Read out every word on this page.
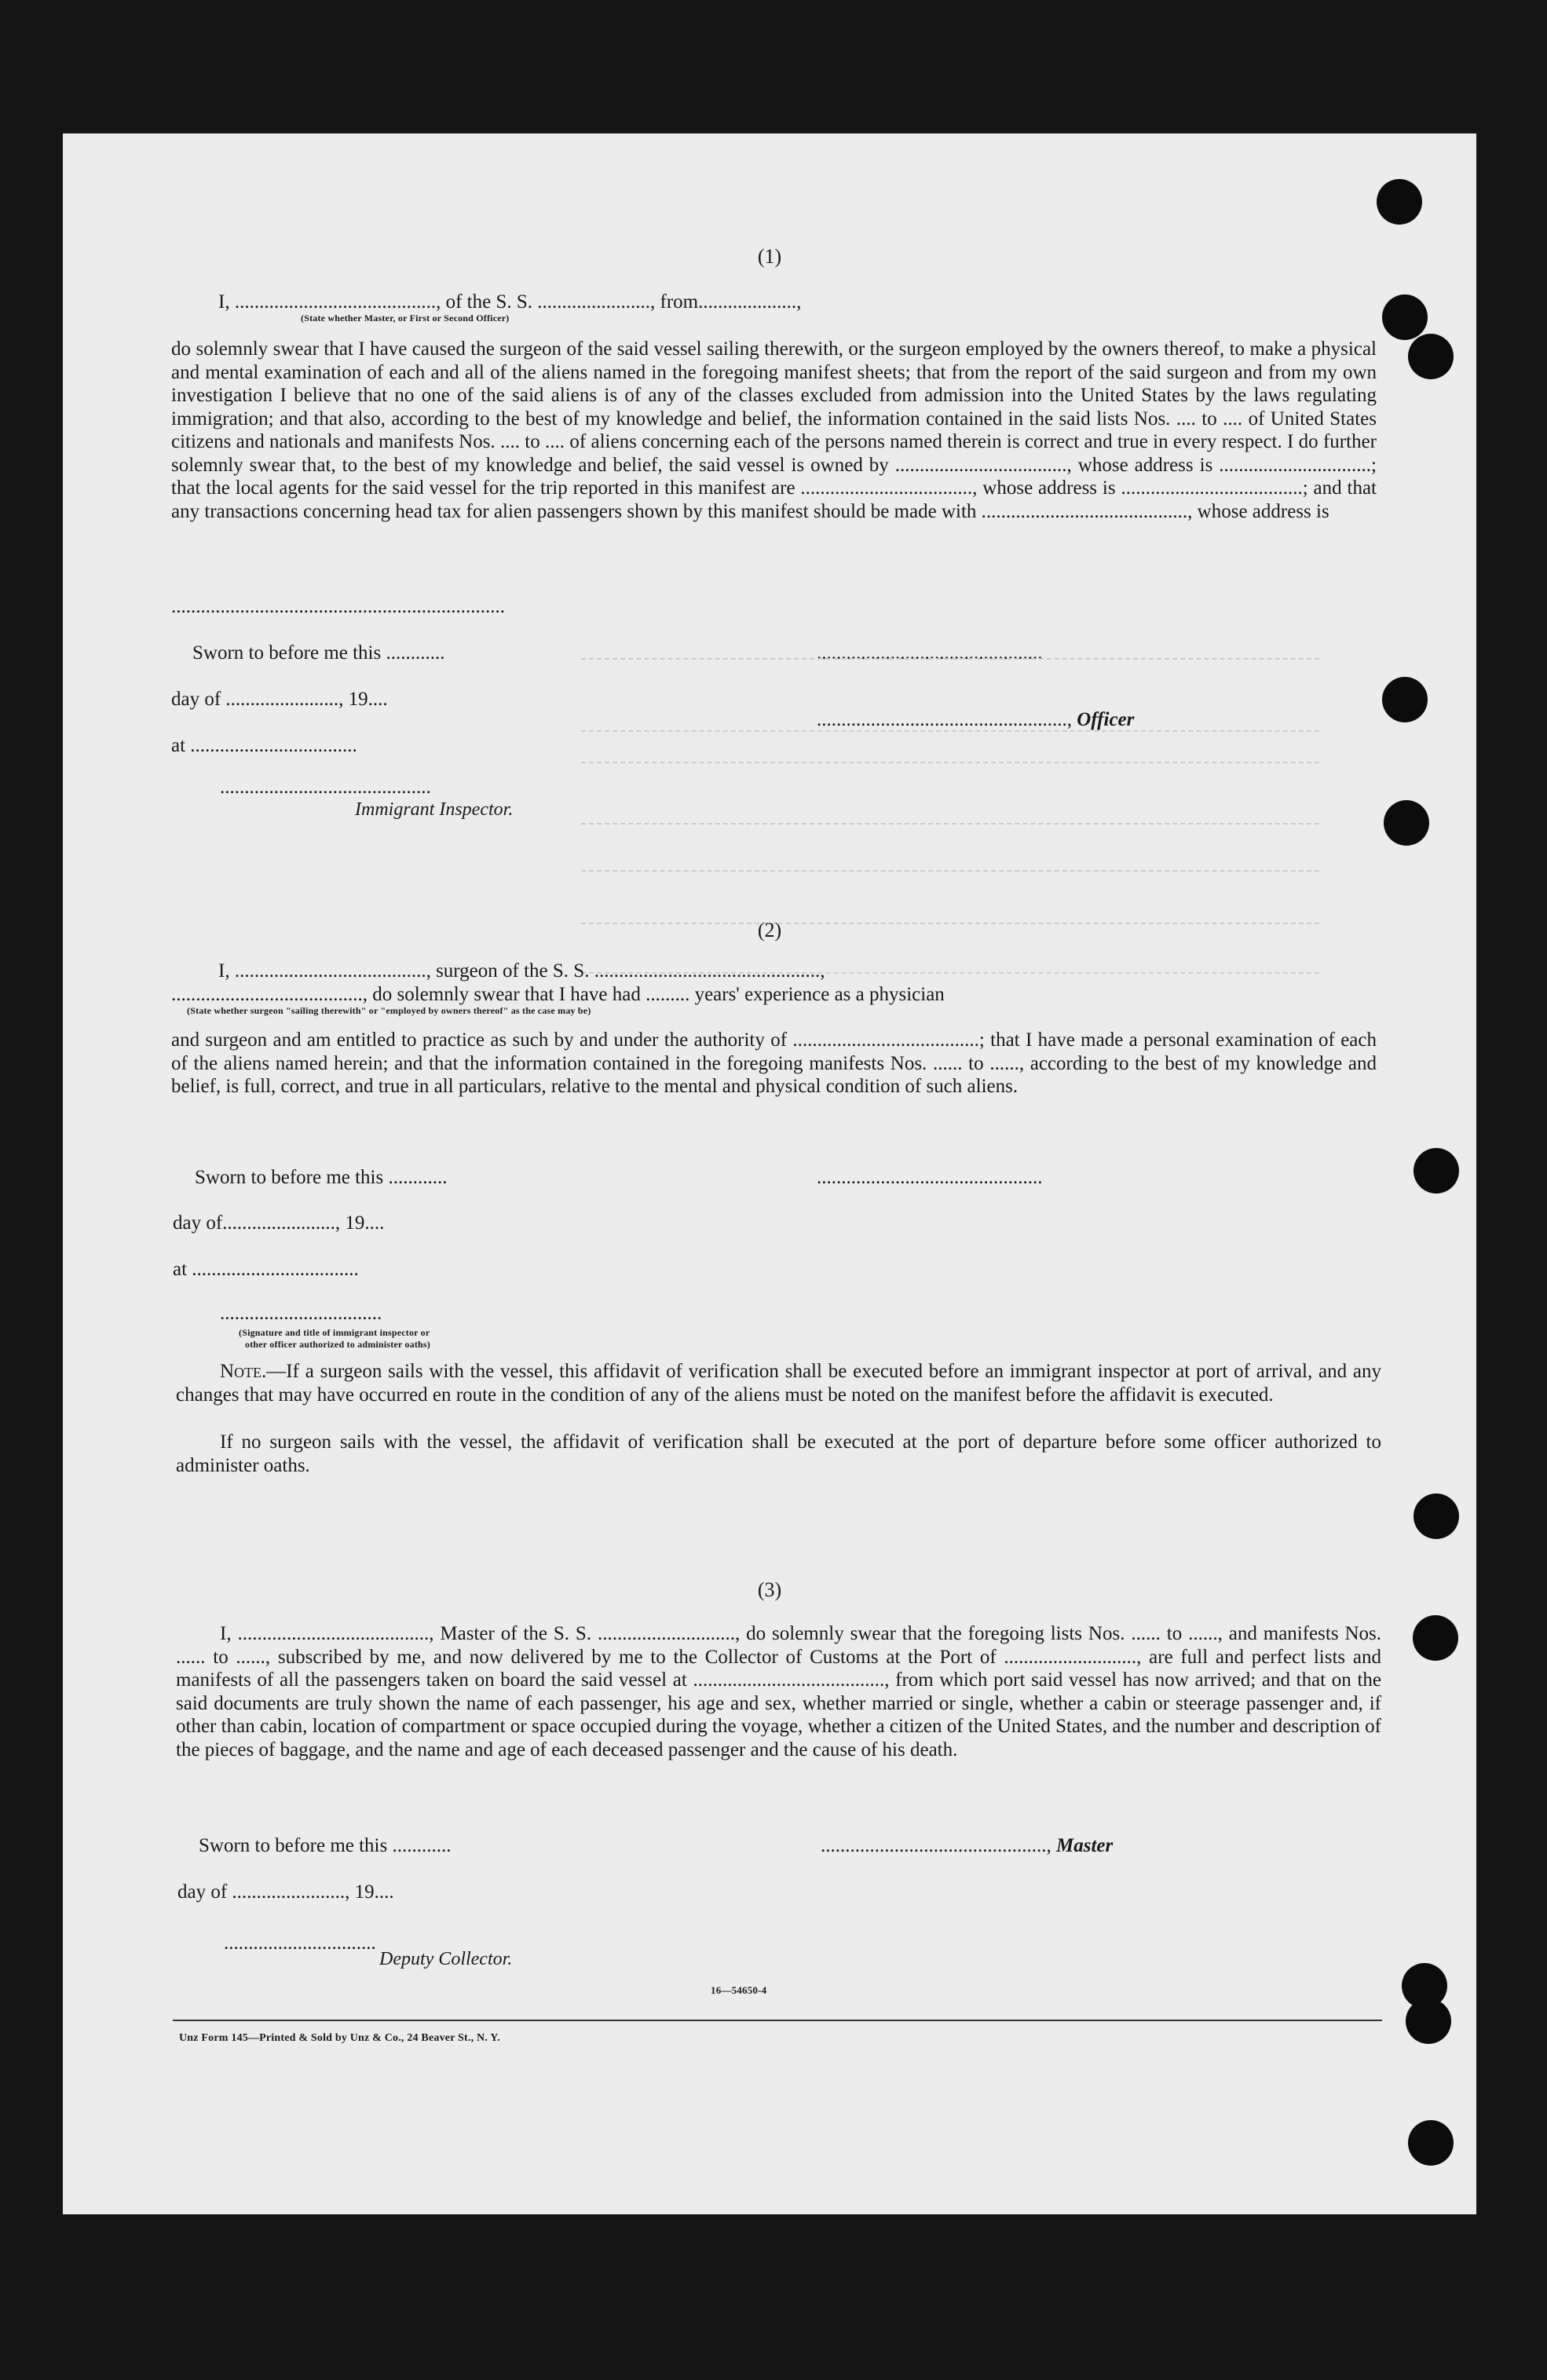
(1)
I, ........................................., of the S. S. ......................., from....................,
(State whether Master, or First or Second Officer)
do solemnly swear that I have caused the surgeon of the said vessel sailing therewith, or the surgeon employed by the owners thereof, to make a physical and mental examination of each and all of the aliens named in the foregoing manifest sheets; that from the report of the said surgeon and from my own investigation I believe that no one of the said aliens is of any of the classes excluded from admission into the United States by the laws regulating immigration; and that also, according to the best of my knowledge and belief, the information contained in the said lists Nos. .... to .... of United States citizens and nationals and manifests Nos. .... to .... of aliens concerning each of the persons named therein is correct and true in every respect. I do further solemnly swear that, to the best of my knowledge and belief, the said vessel is owned by ..................................., whose address is ...............................; that the local agents for the said vessel for the trip reported in this manifest are ..................................., whose address is .....................................; and that any transactions concerning head tax for alien passengers shown by this manifest should be made with .........................................., whose address is
....................................................................
Sworn to before me this ............	..............................................
day of ......................., 19....
..................................................., Officer
at ..................................
...........................................
Immigrant Inspector.
(2)
I, ......................................., surgeon of the S. S. ..............................................,
......................................., do solemnly swear that I have had ......... years' experience as a physician
(State whether surgeon "sailing therewith" or "employed by owners thereof" as the case may be)
and surgeon and am entitled to practice as such by and under the authority of ......................................; that I have made a personal examination of each of the aliens named herein; and that the information contained in the foregoing manifests Nos. ...... to ......, according to the best of my knowledge and belief, is full, correct, and true in all particulars, relative to the mental and physical condition of such aliens.
Sworn to before me this ............	..............................................
day of......................., 19....
at ..................................
.................................
(Signature and title of immigrant inspector or
other officer authorized to administer oaths)
Note.—If a surgeon sails with the vessel, this affidavit of verification shall be executed before an immigrant inspector at port of arrival, and any changes that may have occurred en route in the condition of any of the aliens must be noted on the manifest before the affidavit is executed.
If no surgeon sails with the vessel, the affidavit of verification shall be executed at the port of departure before some officer authorized to administer oaths.
(3)
I, ......................................., Master of the S. S. ............................, do solemnly swear that the foregoing lists Nos. ...... to ......, and manifests Nos. ...... to ......, subscribed by me, and now delivered by me to the Collector of Customs at the Port of ..........................., are full and perfect lists and manifests of all the passengers taken on board the said vessel at ......................................., from which port said vessel has now arrived; and that on the said documents are truly shown the name of each passenger, his age and sex, whether married or single, whether a cabin or steerage passenger and, if other than cabin, location of compartment or space occupied during the voyage, whether a citizen of the United States, and the number and description of the pieces of baggage, and the name and age of each deceased passenger and the cause of his death.
Sworn to before me this ............	.............................................., Master
day of ......................., 19....
...............................
Deputy Collector.
16—54650-4
Unz Form 145—Printed & Sold by Unz & Co., 24 Beaver St., N. Y.
